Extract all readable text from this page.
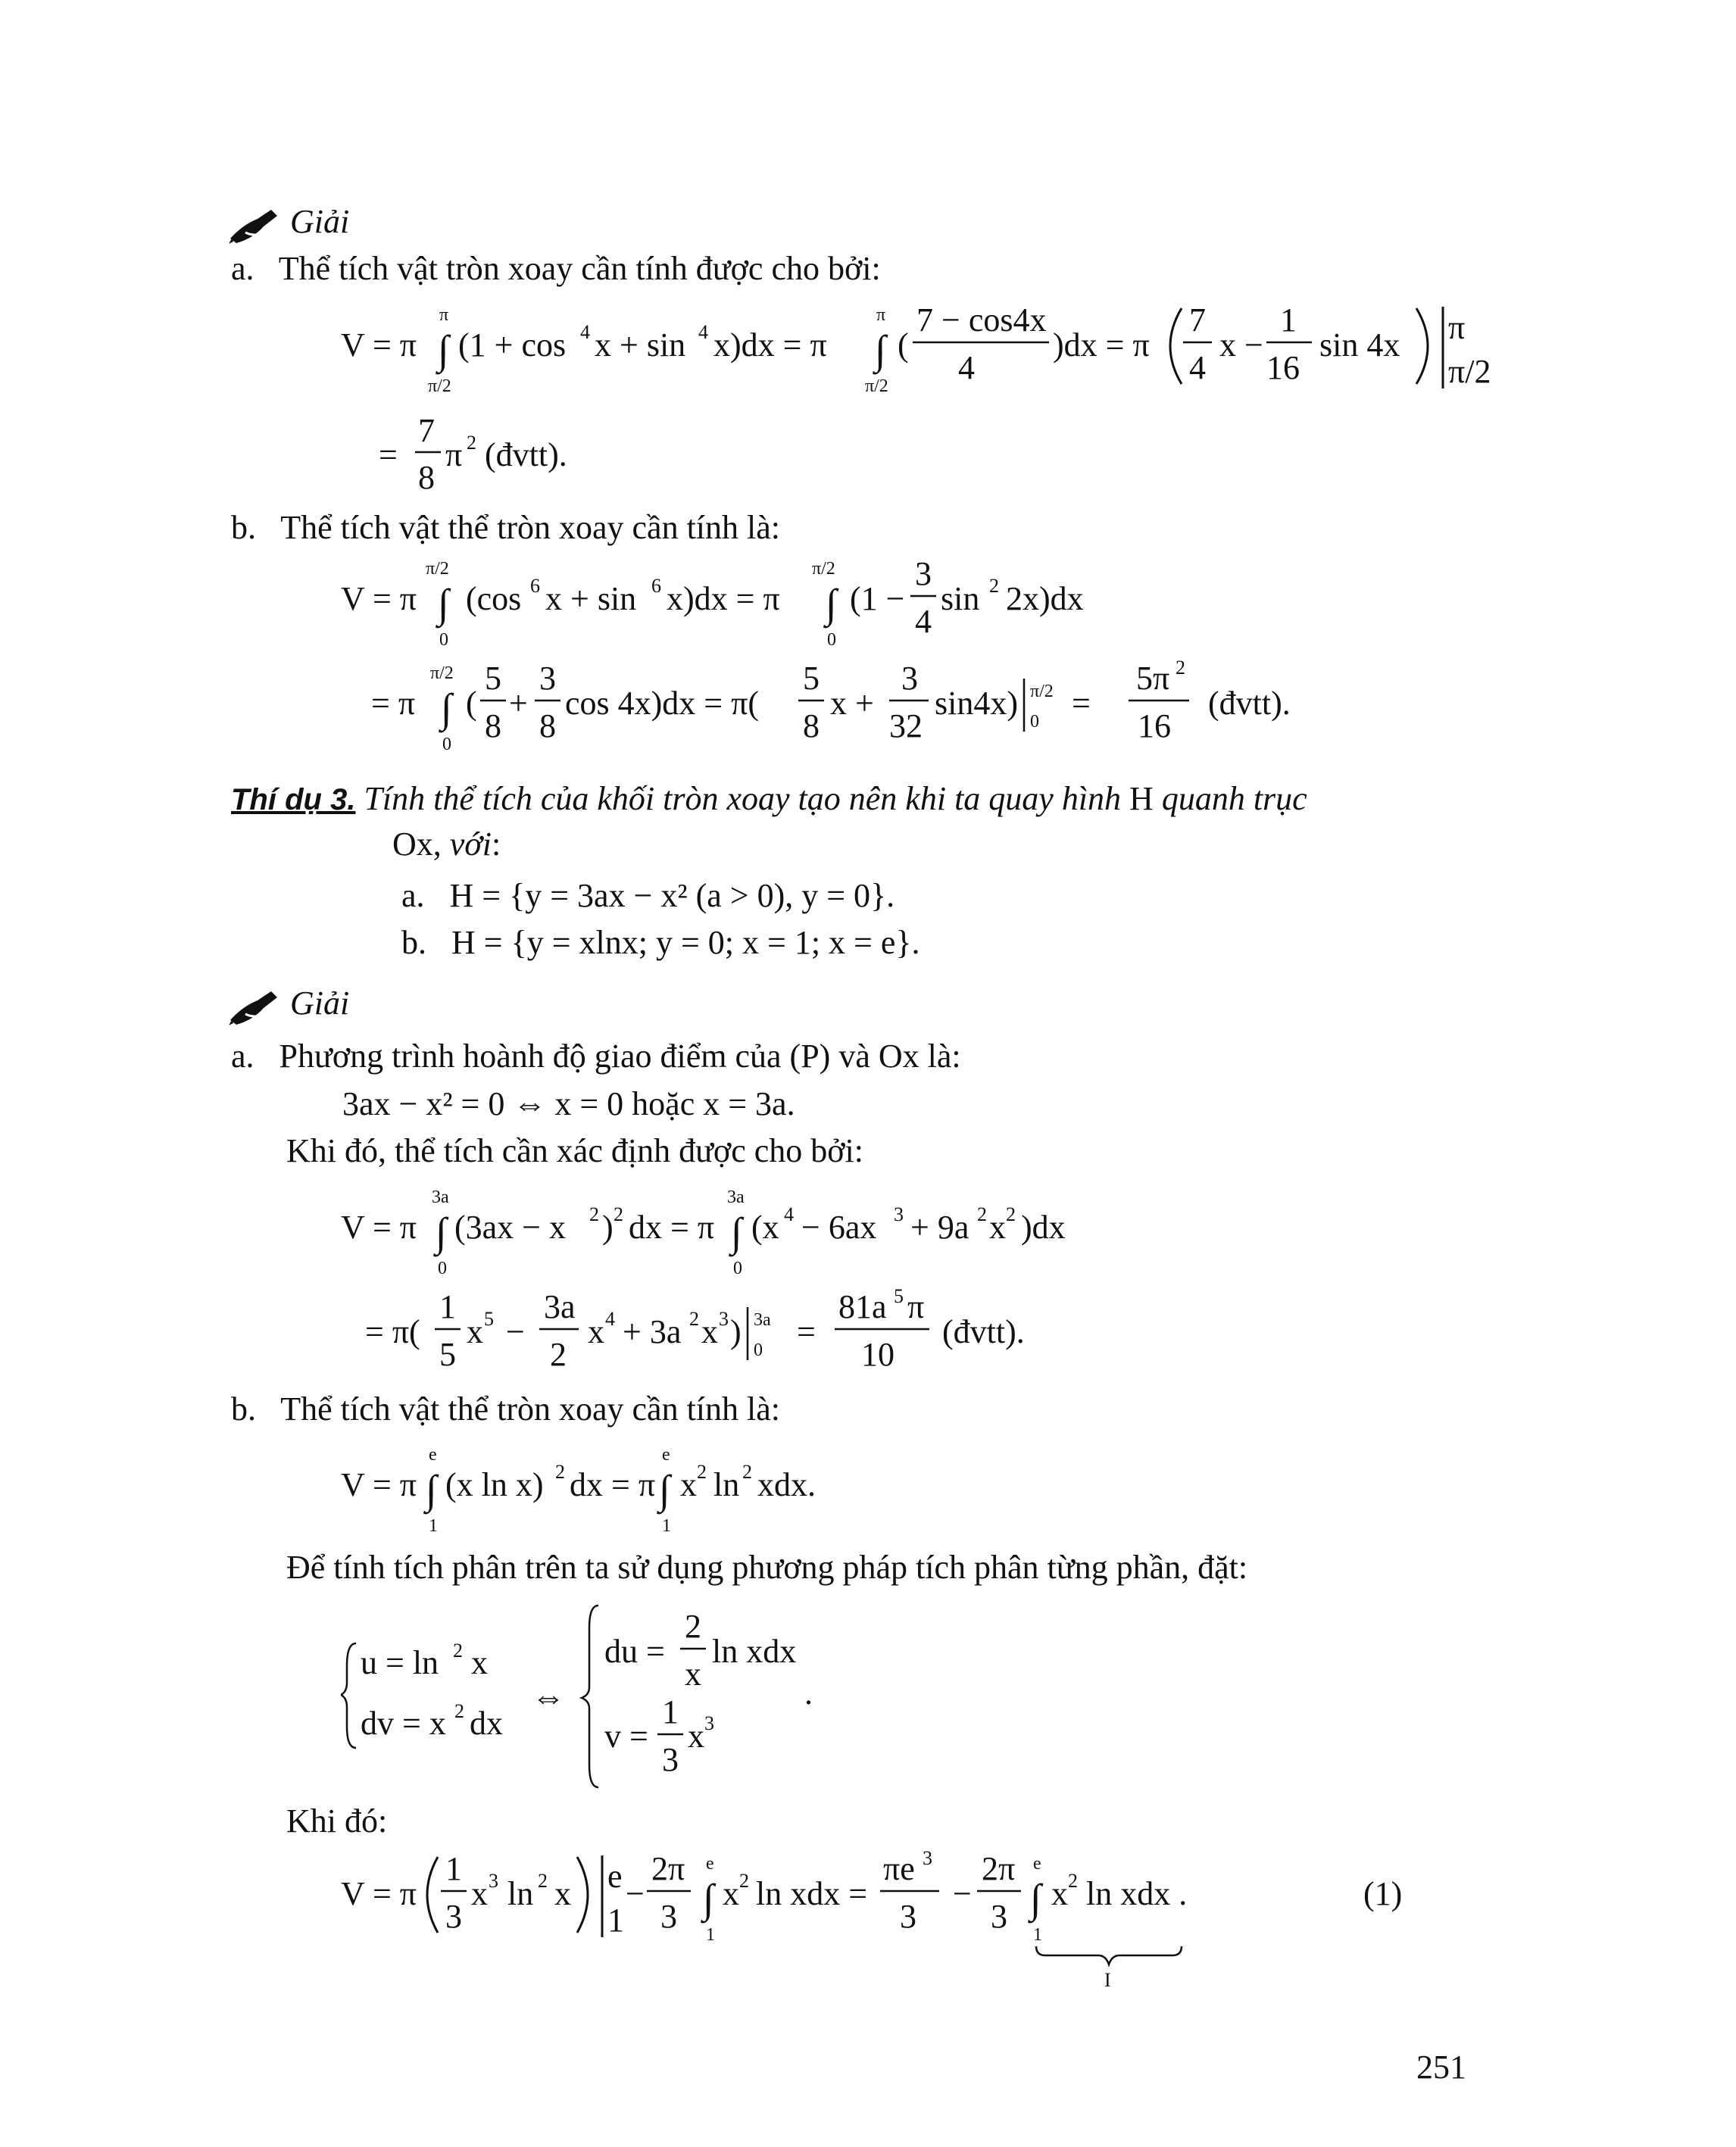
Giải
a. Thể tích vật tròn xoay cần tính được cho bởi:
V = π ∫
π
π/2
(1 + cos 4 x + sin 4 x)dx = π ∫
π
π/2
(
7 − cos4x
4
)dx = π
7
4
x −
1
16
sin 4x π
π/2
=
7
8
π 2 (đvtt).
b. Thể tích vật thể tròn xoay cần tính là:
V = π ∫
π/2
0
(cos 6 x + sin 6 x)dx = π ∫
π/2
0
(1 −
3
4
sin 2 2x)dx
= π ∫
π/2
0
(
5
8
+
3
8
cos 4x)dx = π(
5
8
x +
3
32
sin4x) π/2
0 =
5π 2
16
(đvtt).
Thí dụ 3. Tính thể tích của khối tròn xoay tạo nên khi ta quay hình H quanh trục
Ox, với:
a. H = {y = 3ax − x² (a > 0), y = 0}.
b. H = {y = xlnx; y = 0; x = 1; x = e}.
Giải
a. Phương trình hoành độ giao điểm của (P) và Ox là:
3ax − x² = 0 ⇔ x = 0 hoặc x = 3a.
Khi đó, thể tích cần xác định được cho bởi:
V = π ∫
3a
0
(3ax − x 2 ) 2 dx = π ∫
3a
0
(x 4 − 6ax 3 + 9a 2 x 2 )dx
= π(
1
5
x 5 −
3a
2
x 4 + 3a 2 x 3 ) 3a
0 =
81a 5 π
10
(đvtt).
b. Thể tích vật thể tròn xoay cần tính là:
V = π ∫
e
1
(x ln x) 2 dx = π ∫
e
1
x 2 ln 2 xdx.
Để tính tích phân trên ta sử dụng phương pháp tích phân từng phần, đặt:
u = ln 2 x
dv = x 2 dx
⇔
du =
2
x
ln xdx
v =
1
3
x 3
.
Khi đó:
V = π
1
3
x 3 ln 2 x e
1
−
2π
3 ∫
e
1
x 2 ln xdx =
πe 3
3
−
2π
3 ∫
e
1
x 2 ln xdx .
I
(1)
251
